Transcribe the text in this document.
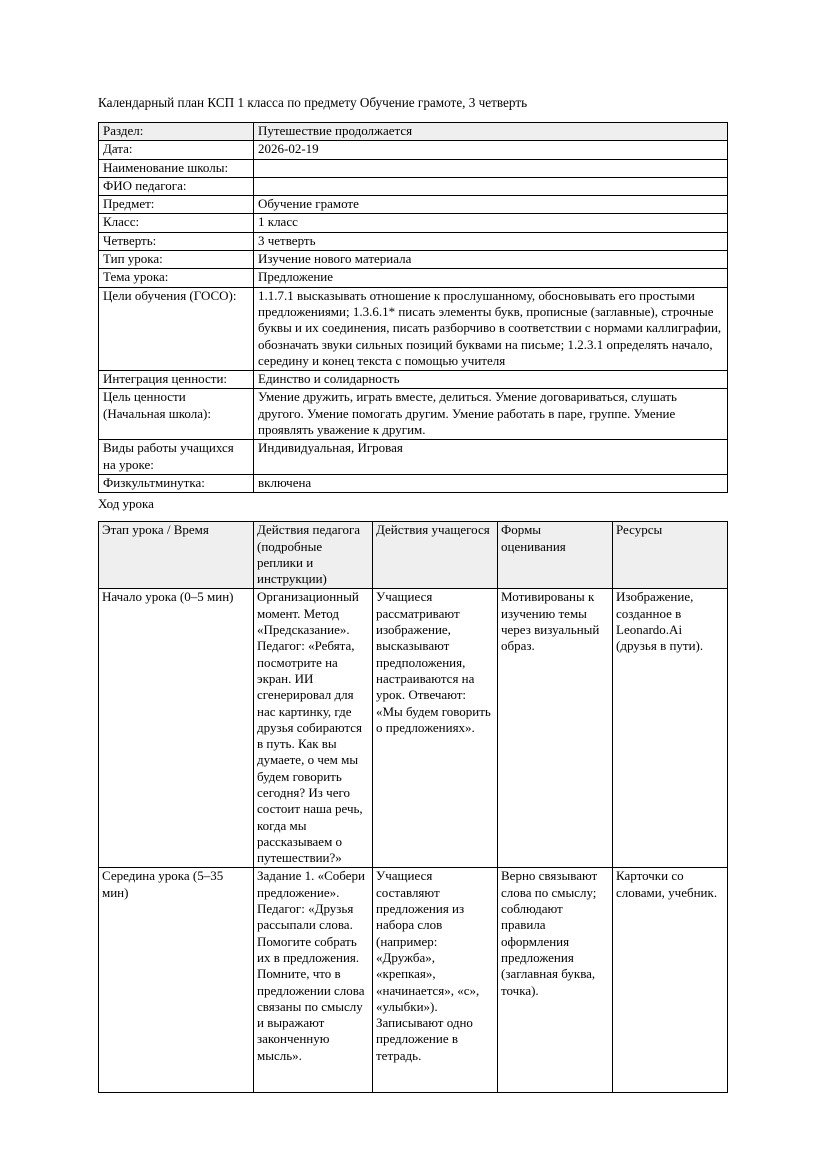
Календарный план КСП 1 класса по предмету Обучение грамоте, 3 четверть
Раздел:	Путешествие продолжается
Дата:	2026-02-19
Наименование школы:	
ФИО педагога:	
Предмет:	Обучение грамоте
Класс:	1 класс
Четверть:	3 четверть
Тип урока:	Изучение нового материала
Тема урока:	Предложение
Цели обучения (ГОСО):	1.1.7.1 высказывать отношение к прослушанному, обосновывать его простыми предложениями; 1.3.6.1* писать элементы букв, прописные (заглавные), строчные буквы и их соединения, писать разборчиво в соответствии с нормами каллиграфии, обозначать звуки сильных позиций буквами на письме; 1.2.3.1 определять начало, середину и конец текста с помощью учителя
Интеграция ценности:	Единство и солидарность
Цель ценности (Начальная школа):	Умение дружить, играть вместе, делиться. Умение договариваться, слушать другого. Умение помогать другим. Умение работать в паре, группе. Умение проявлять уважение к другим.
Виды работы учащихся на уроке:	Индивидуальная, Игровая
Физкультминутка:	включена
Ход урока
Этап урока / Время	Действия педагога (подробные реплики и инструкции)	Действия учащегося	Формы оценивания	Ресурсы
Начало урока (0–5 мин)	Организационный момент. Метод «Предсказание». Педагог: «Ребята, посмотрите на экран. ИИ сгенерировал для нас картинку, где друзья собираются в путь. Как вы думаете, о чем мы будем говорить сегодня? Из чего состоит наша речь, когда мы рассказываем о путешествии?»	Учащиеся рассматривают изображение, высказывают предположения, настраиваются на урок. Отвечают: «Мы будем говорить о предложениях».	Мотивированы к изучению темы через визуальный образ.	Изображение, созданное в Leonardo.Ai (друзья в пути).
Середина урока (5–35 мин)	Задание 1. «Собери предложение». Педагог: «Друзья рассыпали слова. Помогите собрать их в предложения. Помните, что в предложении слова связаны по смыслу и выражают законченную мысль».	Учащиеся составляют предложения из набора слов (например: «Дружба», «крепкая», «начинается», «с», «улыбки»). Записывают одно предложение в тетрадь.	Верно связывают слова по смыслу; соблюдают правила оформления предложения (заглавная буква, точка).	Карточки со словами, учебник.
